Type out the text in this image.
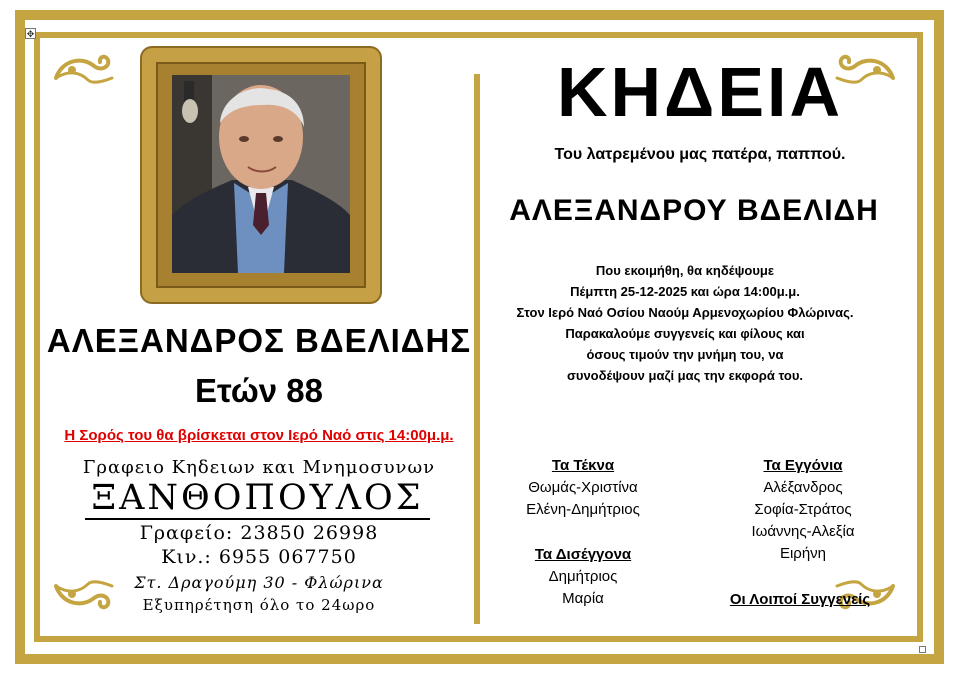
✥
ΑΛΕΞΑΝΔΡΟΣ ΒΔΕΛΙΔΗΣ
Ετών 88
Η Σορός του θα βρίσκεται στον Ιερό Ναό στις 14:00μ.μ.
Γραφειο Κηδειων και Μνημοσυνων
ΞΑΝΘΟΠΟΥΛΟΣ
Γραφείο: 23850 26998
Κιν.: 6955 067750
Στ. Δραγούμη 30 - Φλώρινα
Εξυπηρέτηση όλο το 24ωρο
ΚΗΔΕΙΑ
Του λατρεμένου μας πατέρα, παππού.
ΑΛΕΞΑΝΔΡΟΥ ΒΔΕΛΙΔΗ
Που εκοιμήθη, θα κηδέψουμε
Πέμπτη 25-12-2025 και ώρα 14:00μ.μ.
Στον Ιερό Ναό Οσίου Ναούμ Αρμενοχωρίου Φλώρινας.
Παρακαλούμε συγγενείς και φίλους και
όσους τιμούν την μνήμη του, να
συνοδέψουν μαζί μας την εκφορά του.
Τα Τέκνα
Θωμάς-Χριστίνα
Ελένη-Δημήτριος
Τα Δισέγγονα
Δημήτριος
Μαρία
Τα Εγγόνια
Αλέξανδρος
Σοφία-Στράτος
Ιωάννης-Αλεξία
Ειρήνη
Οι Λοιποί Συγγενείς
